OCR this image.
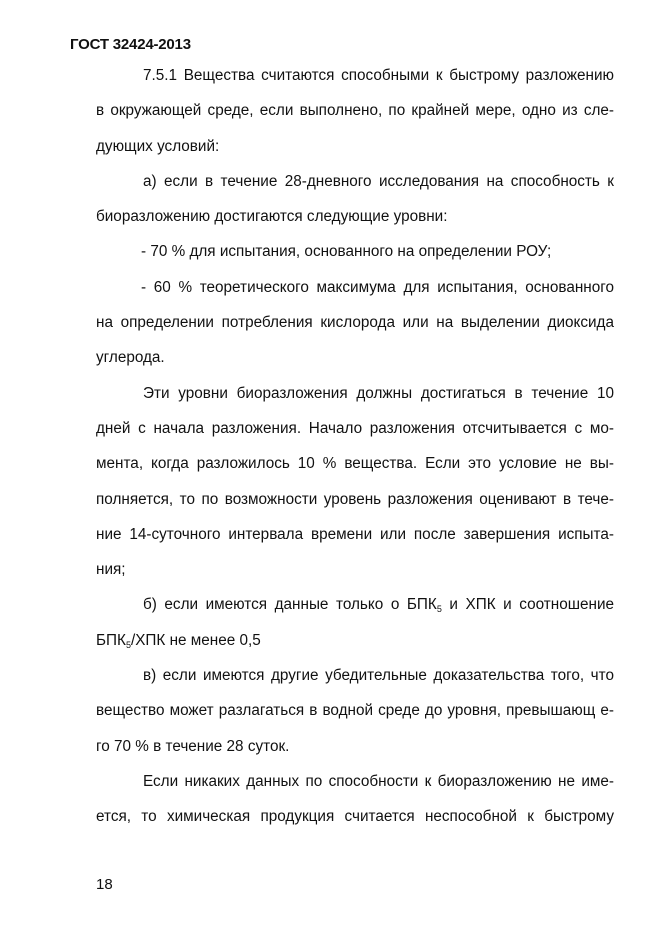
ГОСТ 32424-2013
7.5.1 Вещества считаются способными к быстрому разложению
в окружающей среде, если выполнено, по крайней мере, одно из сле-
дующих условий:
а) если в течение 28-дневного исследования на способность к
биоразложению достигаются следующие уровни:
- 70 % для испытания, основанного на определении РОУ;
- 60 % теоретического максимума для испытания, основанного
на определении потребления кислорода или на выделении диоксида
углерода.
Эти уровни биоразложения должны достигаться в течение 10
дней с начала разложения. Начало разложения отсчитывается с мо-
мента, когда разложилось 10 % вещества. Если это условие не вы-
полняется, то по возможности уровень разложения оценивают в тече-
ние 14-суточного интервала времени или после завершения испыта-
ния;
б) если имеются данные только о $БПК_5$ и ХПК и соотношение
$БПК_5$/ХПК не менее 0,5
в) если имеются другие убедительные доказательства того, что
вещество может разлагаться в водной среде до уровня, превышающ е-
го 70 % в течение 28 суток.
Если никаких данных по способности к биоразложению не име-
ется, то химическая продукция считается неспособной к быстрому
18
